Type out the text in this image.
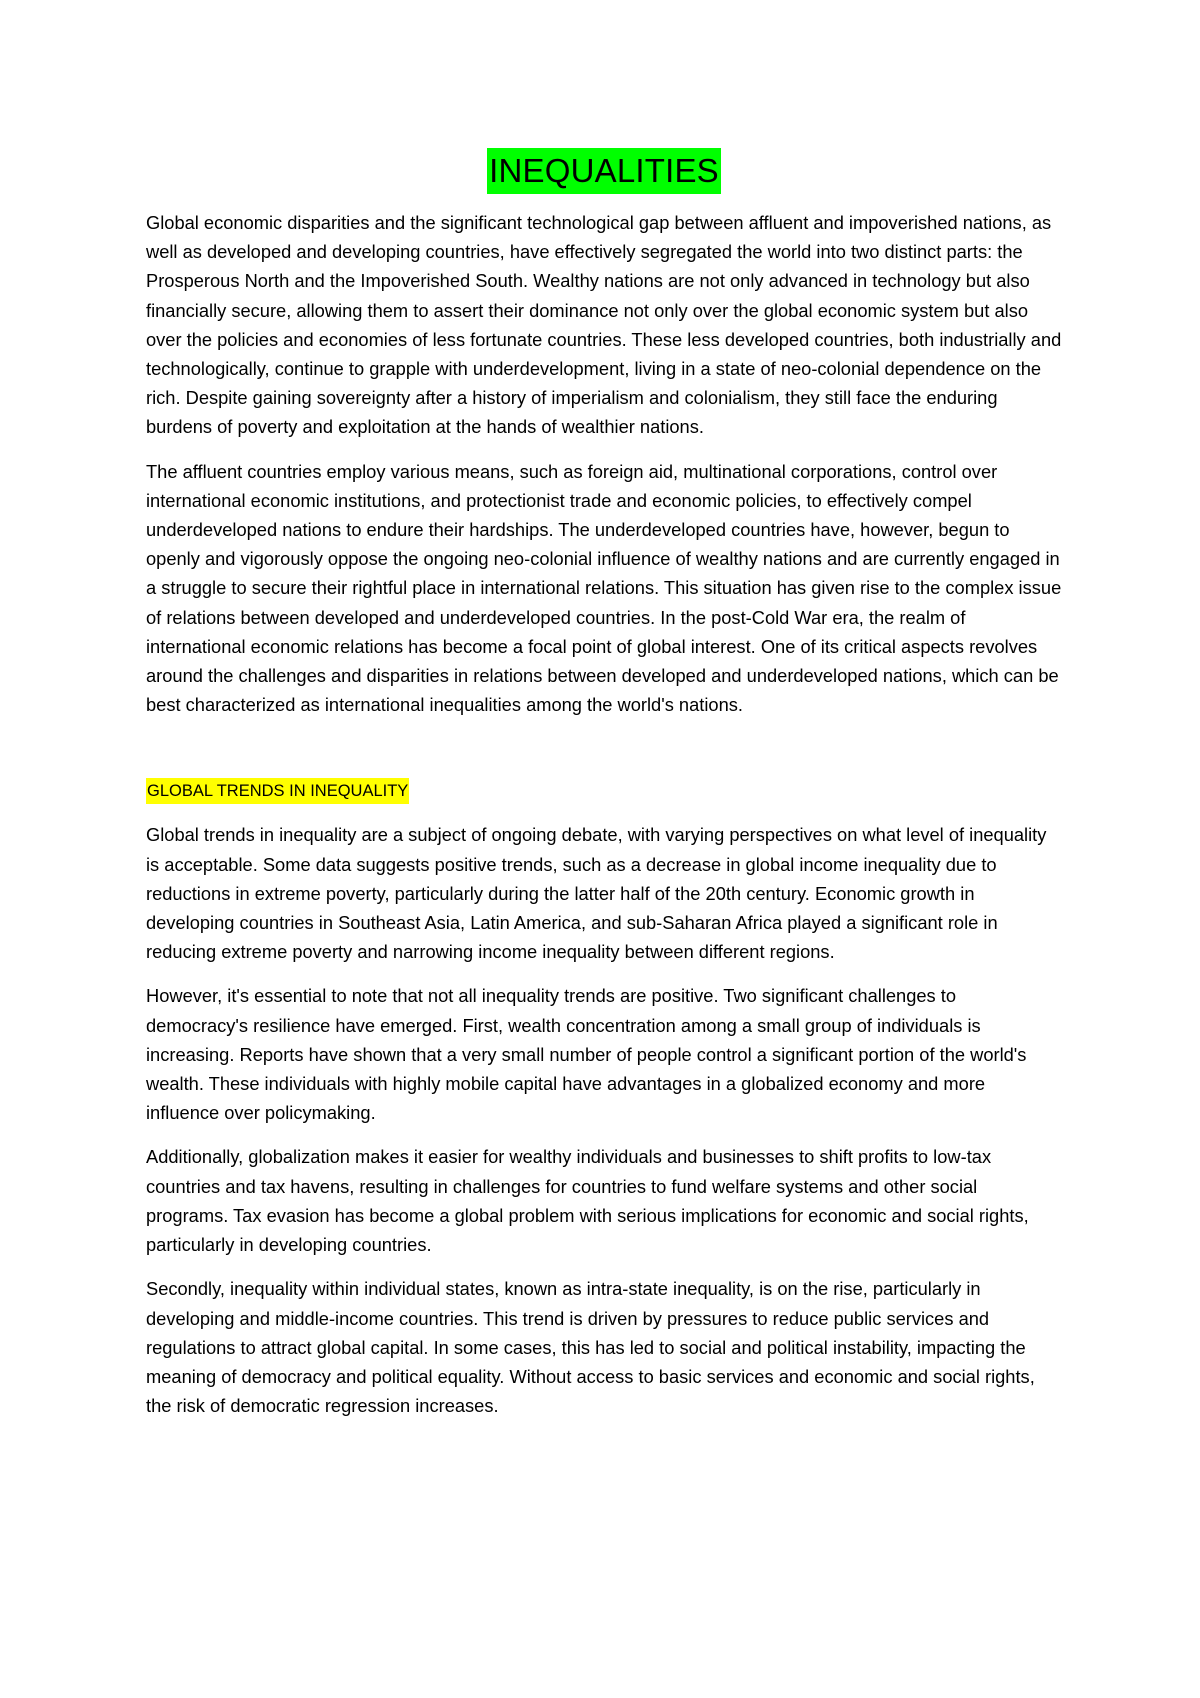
INEQUALITIES

Global economic disparities and the significant technological gap between affluent and impoverished nations, as well as developed and developing countries, have effectively segregated the world into two distinct parts: the Prosperous North and the Impoverished South. Wealthy nations are not only advanced in technology but also financially secure, allowing them to assert their dominance not only over the global economic system but also over the policies and economies of less fortunate countries. These less developed countries, both industrially and technologically, continue to grapple with underdevelopment, living in a state of neo-colonial dependence on the rich. Despite gaining sovereignty after a history of imperialism and colonialism, they still face the enduring burdens of poverty and exploitation at the hands of wealthier nations.

The affluent countries employ various means, such as foreign aid, multinational corporations, control over international economic institutions, and protectionist trade and economic policies, to effectively compel underdeveloped nations to endure their hardships. The underdeveloped countries have, however, begun to openly and vigorously oppose the ongoing neo-colonial influence of wealthy nations and are currently engaged in a struggle to secure their rightful place in international relations. This situation has given rise to the complex issue of relations between developed and underdeveloped countries. In the post-Cold War era, the realm of international economic relations has become a focal point of global interest. One of its critical aspects revolves around the challenges and disparities in relations between developed and underdeveloped nations, which can be best characterized as international inequalities among the world's nations.

GLOBAL TRENDS IN INEQUALITY

Global trends in inequality are a subject of ongoing debate, with varying perspectives on what level of inequality is acceptable. Some data suggests positive trends, such as a decrease in global income inequality due to reductions in extreme poverty, particularly during the latter half of the 20th century. Economic growth in developing countries in Southeast Asia, Latin America, and sub-Saharan Africa played a significant role in reducing extreme poverty and narrowing income inequality between different regions.

However, it's essential to note that not all inequality trends are positive. Two significant challenges to democracy's resilience have emerged. First, wealth concentration among a small group of individuals is increasing. Reports have shown that a very small number of people control a significant portion of the world's wealth. These individuals with highly mobile capital have advantages in a globalized economy and more influence over policymaking.

Additionally, globalization makes it easier for wealthy individuals and businesses to shift profits to low-tax countries and tax havens, resulting in challenges for countries to fund welfare systems and other social programs. Tax evasion has become a global problem with serious implications for economic and social rights, particularly in developing countries.

Secondly, inequality within individual states, known as intra-state inequality, is on the rise, particularly in developing and middle-income countries. This trend is driven by pressures to reduce public services and regulations to attract global capital. In some cases, this has led to social and political instability, impacting the meaning of democracy and political equality. Without access to basic services and economic and social rights, the risk of democratic regression increases.
